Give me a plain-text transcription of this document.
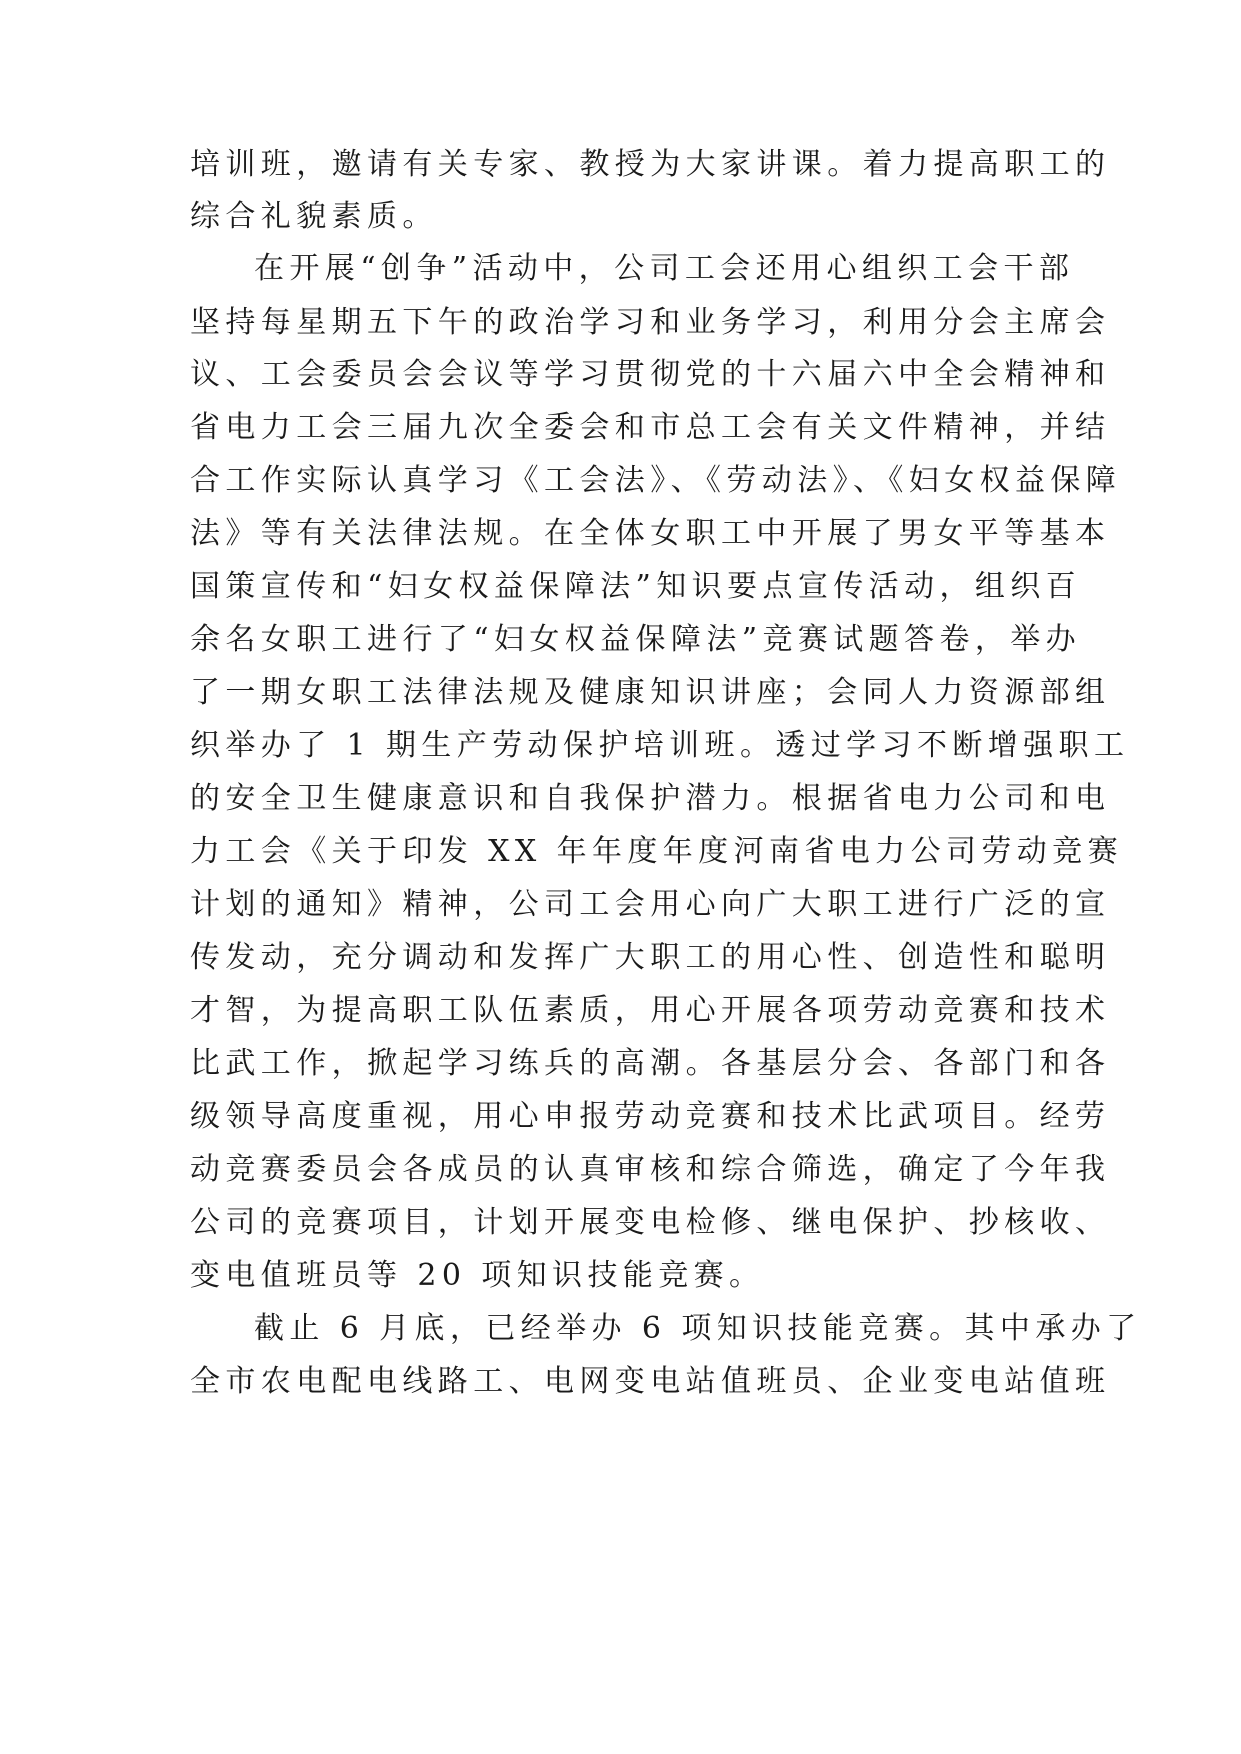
培训班，邀请有关专家、教授为大家讲课。着力提高职工的
综合礼貌素质。
在开展“创争”活动中，公司工会还用心组织工会干部
坚持每星期五下午的政治学习和业务学习，利用分会主席会
议、工会委员会会议等学习贯彻党的十六届六中全会精神和
省电力工会三届九次全委会和市总工会有关文件精神，并结
合工作实际认真学习《工会法》、《劳动法》、《妇女权益保障
法》等有关法律法规。在全体女职工中开展了男女平等基本
国策宣传和“妇女权益保障法”知识要点宣传活动，组织百
余名女职工进行了“妇女权益保障法”竞赛试题答卷，举办
了一期女职工法律法规及健康知识讲座；会同人力资源部组
织举办了 1 期生产劳动保护培训班。透过学习不断增强职工
的安全卫生健康意识和自我保护潜力。根据省电力公司和电
力工会《关于印发 XX 年年度年度河南省电力公司劳动竞赛
计划的通知》精神，公司工会用心向广大职工进行广泛的宣
传发动，充分调动和发挥广大职工的用心性、创造性和聪明
才智，为提高职工队伍素质，用心开展各项劳动竞赛和技术
比武工作，掀起学习练兵的高潮。各基层分会、各部门和各
级领导高度重视，用心申报劳动竞赛和技术比武项目。经劳
动竞赛委员会各成员的认真审核和综合筛选，确定了今年我
公司的竞赛项目，计划开展变电检修、继电保护、抄核收、
变电值班员等 20 项知识技能竞赛。
截止 6 月底，已经举办 6 项知识技能竞赛。其中承办了
全市农电配电线路工、电网变电站值班员、企业变电站值班
